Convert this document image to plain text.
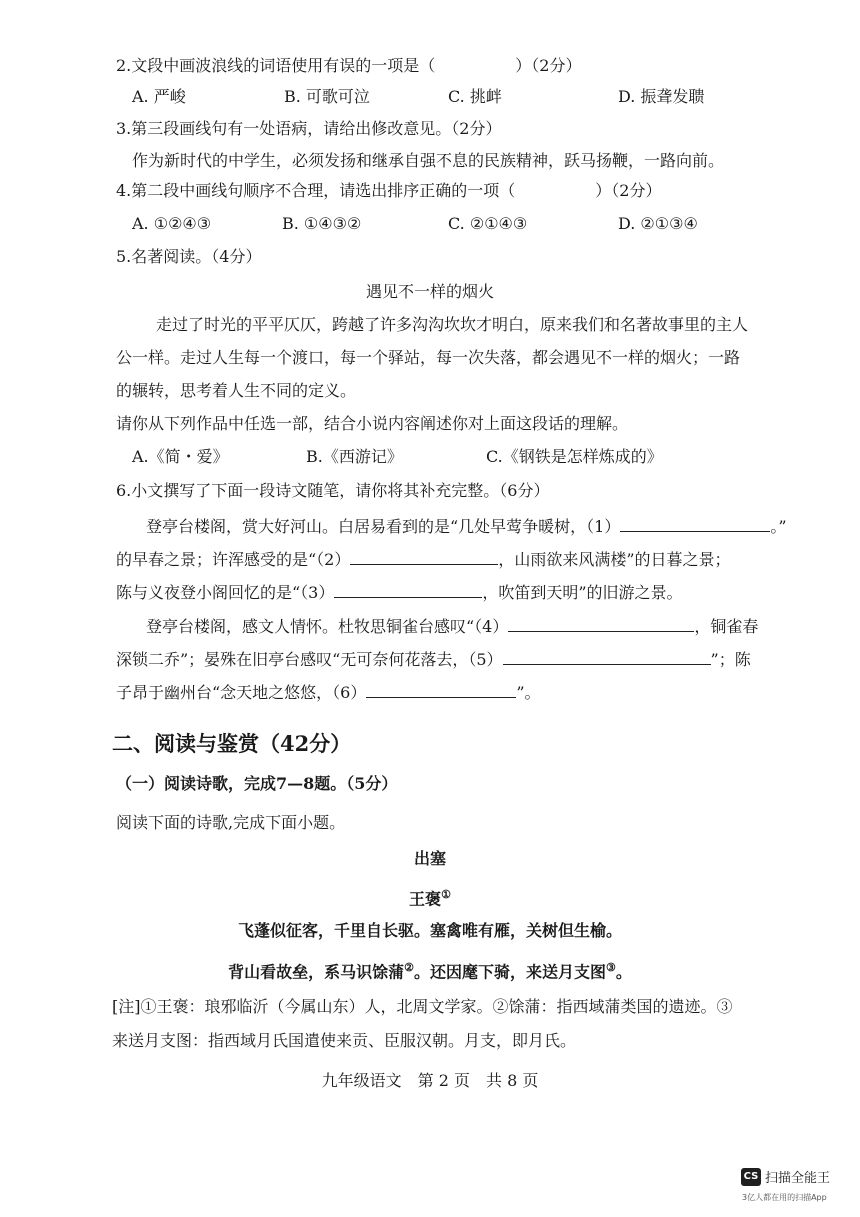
2.文段中画波浪线的词语使用有误的一项是（　　　　　）（2分）
A. 严峻	B. 可歌可泣	C. 挑衅	D. 振聋发聩
3.第三段画线句有一处语病，请给出修改意见。（2分）
作为新时代的中学生，必须发扬和继承自强不息的民族精神，跃马扬鞭，一路向前。
4.第二段中画线句顺序不合理，请选出排序正确的一项（　　　　　）（2分）
A. ①②④③	B. ①④③②	C. ②①④③	D. ②①③④
5.名著阅读。（4分）
遇见不一样的烟火
走过了时光的平平仄仄，跨越了许多沟沟坎坎才明白，原来我们和名著故事里的主人
公一样。走过人生每一个渡口，每一个驿站，每一次失落，都会遇见不一样的烟火；一路
的辗转，思考着人生不同的定义。
请你从下列作品中任选一部，结合小说内容阐述你对上面这段话的理解。
A.《简・爱》	B.《西游记》	C.《钢铁是怎样炼成的》
6.小文撰写了下面一段诗文随笔，请你将其补充完整。（6分）
登亭台楼阁，赏大好河山。白居易看到的是“几处早莺争暖树，（1）	。”
的早春之景；许浑感受的是“（2）	，山雨欲来风满楼”的日暮之景；
陈与义夜登小阁回忆的是“（3）	，吹笛到天明”的旧游之景。
登亭台楼阁，感文人情怀。杜牧思铜雀台感叹“（4）	，铜雀春
深锁二乔”；晏殊在旧亭台感叹“无可奈何花落去，（5）	”；陈
子昂于幽州台“念天地之悠悠，（6）	”。
二、阅读与鉴赏（42分）
（一）阅读诗歌，完成7—8题。（5分）
阅读下面的诗歌,完成下面小题。
出塞
王褒①
飞蓬似征客，千里自长驱。塞禽唯有雁，关树但生榆。
背山看故垒，系马识馀蒲②。还因麾下骑，来送月支图③。
[注]①王褒：琅邪临沂（今属山东）人，北周文学家。②馀蒲：指西域蒲类国的遗迹。③
来送月支图：指西域月氏国遣使来贡、臣服汉朝。月支，即月氏。
九年级语文　第 2 页　共 8 页
CS 扫描全能王
3亿人都在用的扫描App
